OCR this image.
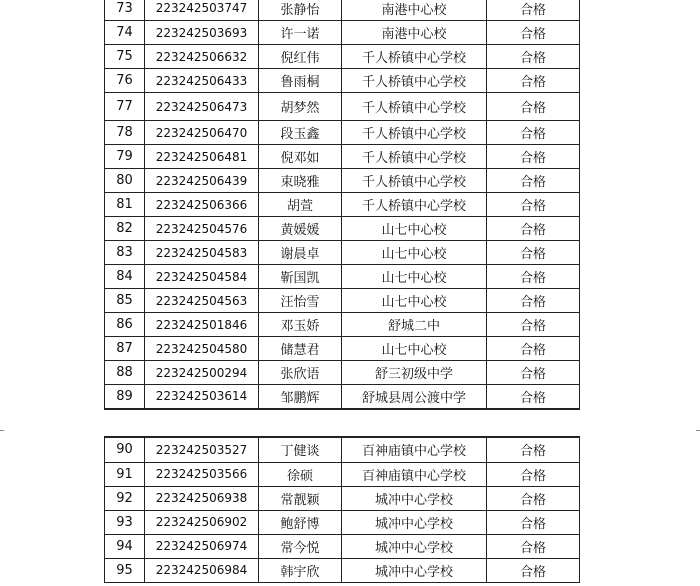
73	223242503747	张静怡	南港中心校	合格
74	223242503693	许一诺	南港中心校	合格
75	223242506632	倪红伟	千人桥镇中心学校	合格
76	223242506433	鲁雨桐	千人桥镇中心学校	合格
77	223242506473	胡梦然	千人桥镇中心学校	合格
78	223242506470	段玉鑫	千人桥镇中心学校	合格
79	223242506481	倪邓如	千人桥镇中心学校	合格
80	223242506439	束晓雅	千人桥镇中心学校	合格
81	223242506366	胡萱	千人桥镇中心学校	合格
82	223242504576	黄媛媛	山七中心校	合格
83	223242504583	谢晨卓	山七中心校	合格
84	223242504584	靳国凯	山七中心校	合格
85	223242504563	汪怡雪	山七中心校	合格
86	223242501846	邓玉娇	舒城二中	合格
87	223242504580	储慧君	山七中心校	合格
88	223242500294	张欣语	舒三初级中学	合格
89	223242503614	邹鹏辉	舒城县周公渡中学	合格
90	223242503527	丁健谈	百神庙镇中心学校	合格
91	223242503566	徐硕	百神庙镇中心学校	合格
92	223242506938	常靓颖	城冲中心学校	合格
93	223242506902	鲍舒博	城冲中心学校	合格
94	223242506974	常今悦	城冲中心学校	合格
95	223242506984	韩宇欣	城冲中心学校	合格
